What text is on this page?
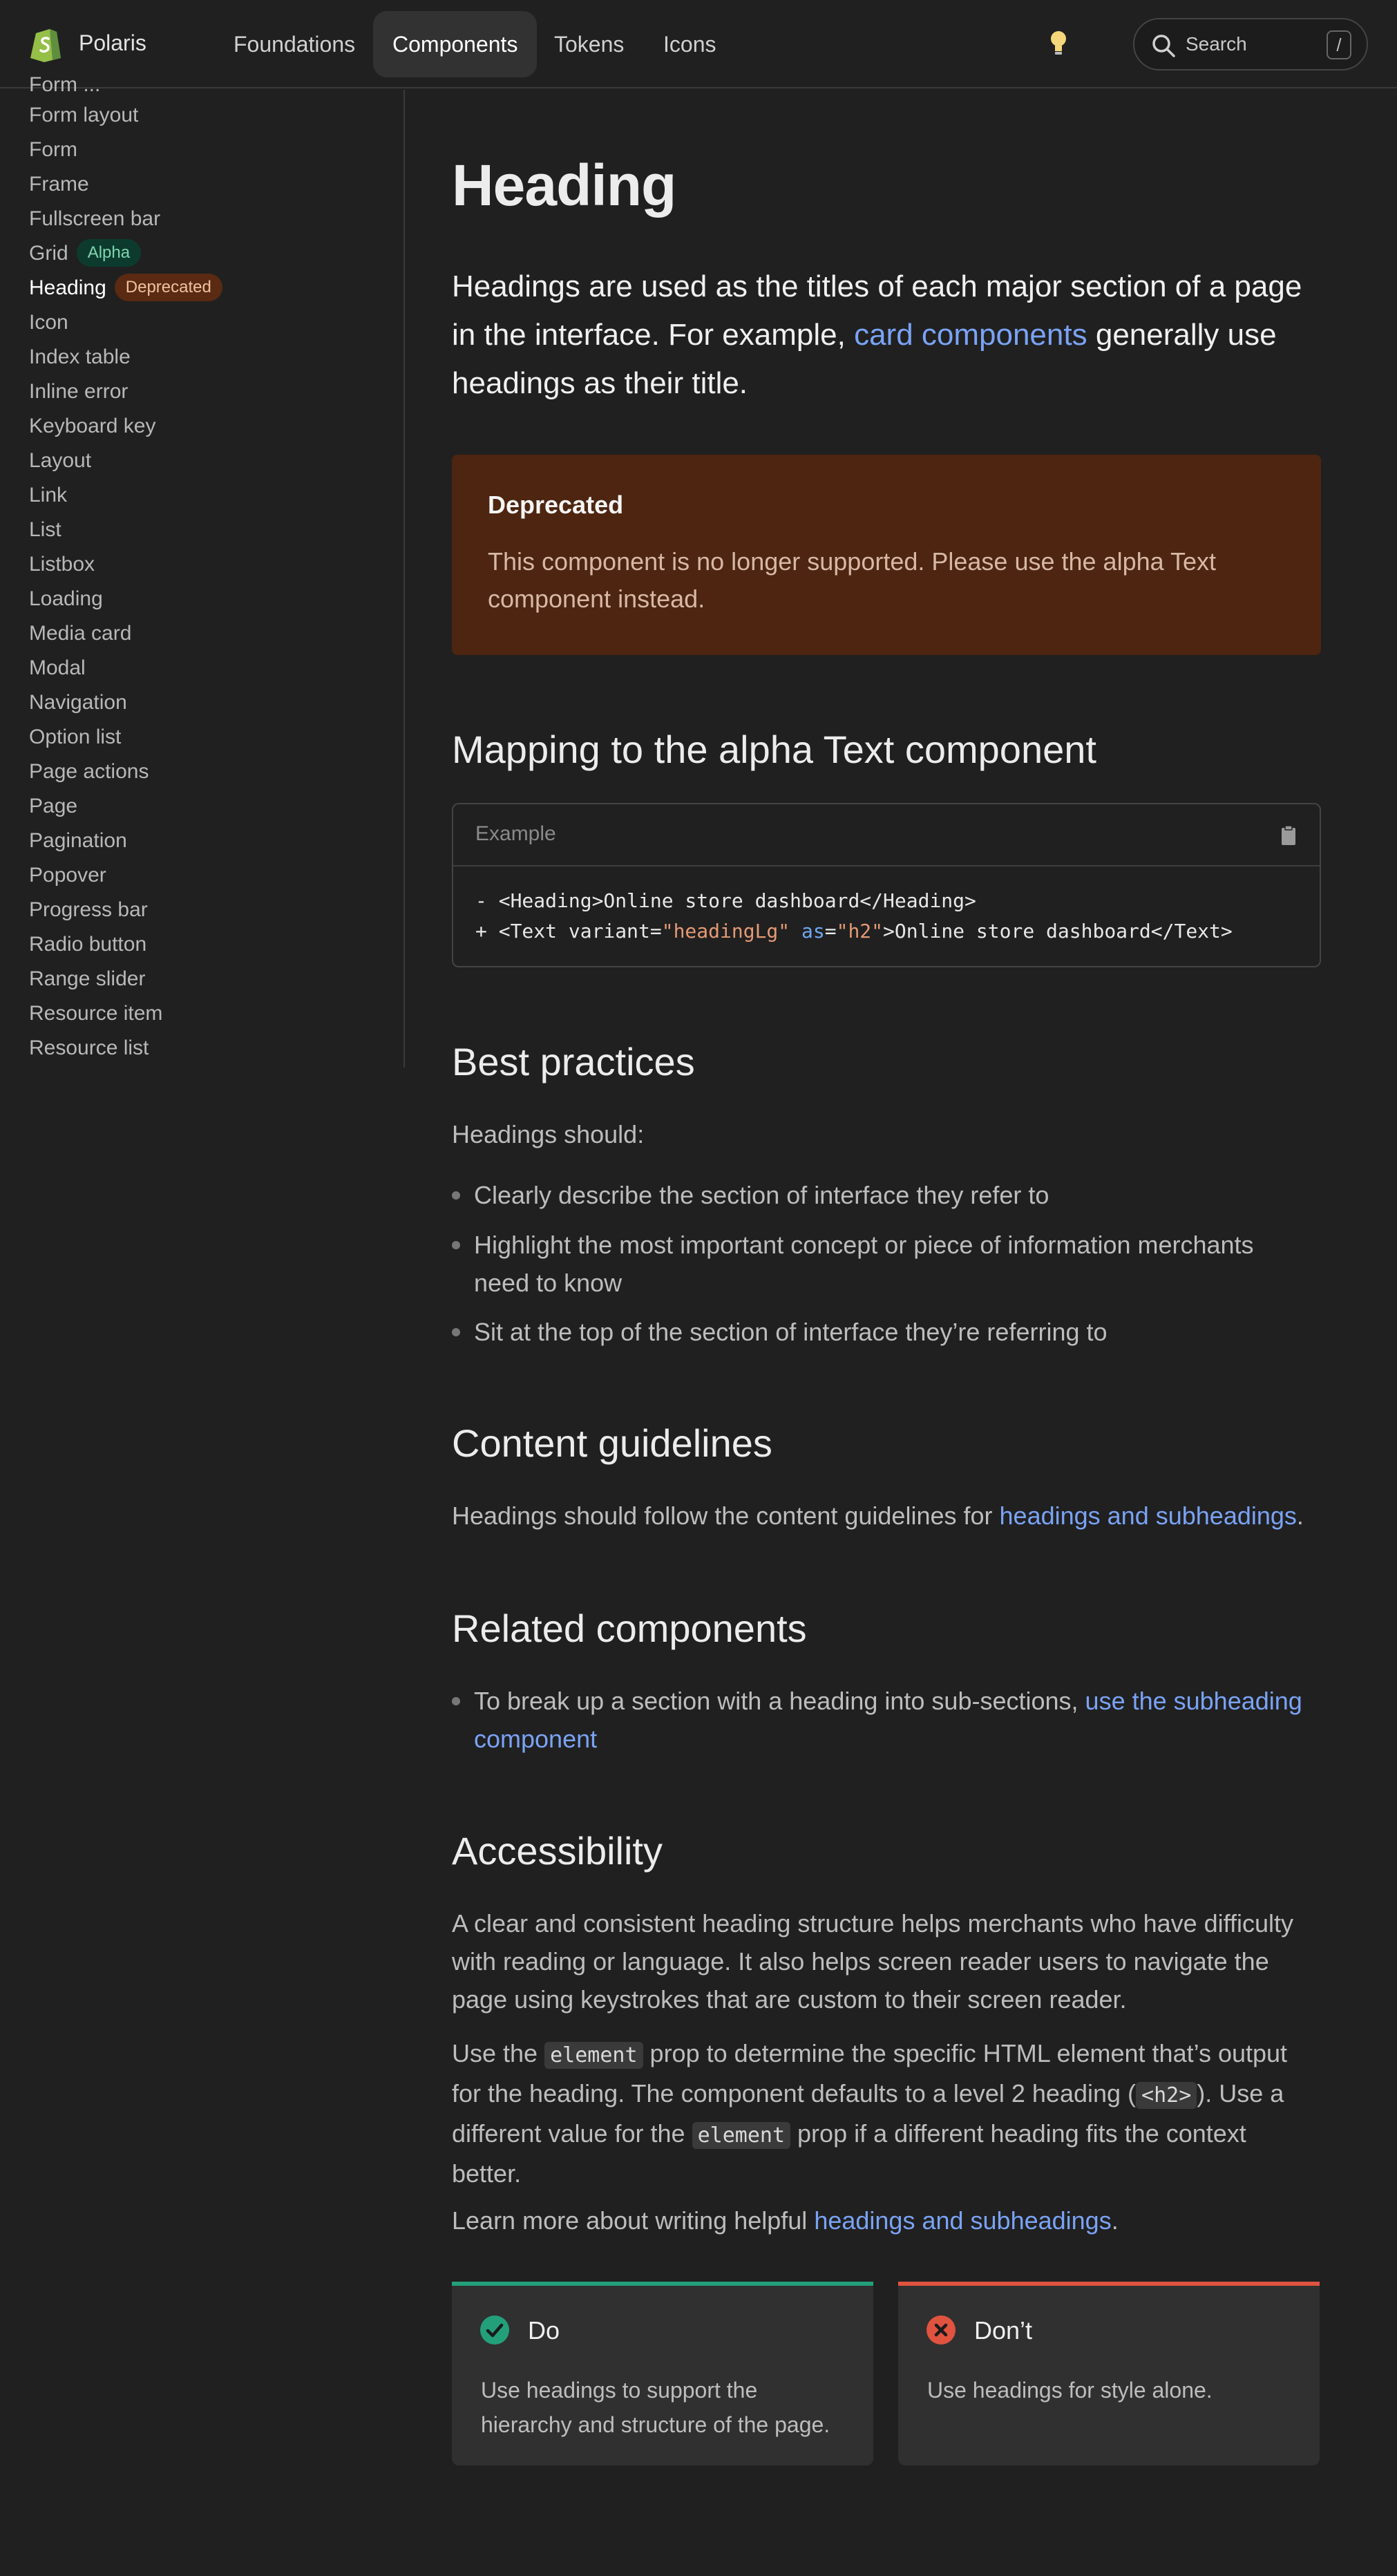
Polaris	Foundations	Components	Tokens	Icons	Search	/
Form ...
Form layout
Form
Frame
Fullscreen bar
Grid Alpha
Heading Deprecated
Icon
Index table
Inline error
Keyboard key
Layout
Link
List
Listbox
Loading
Media card
Modal
Navigation
Option list
Page actions
Page
Pagination
Popover
Progress bar
Radio button
Range slider
Resource item
Resource list
Heading
Headings are used as the titles of each major section of a page in the interface. For example, card components generally use headings as their title.
Deprecated
This component is no longer supported. Please use the alpha Text component instead.
Mapping to the alpha Text component
Example
- <Heading>Online store dashboard</Heading>
+ <Text variant="headingLg" as="h2">Online store dashboard</Text>
Best practices
Headings should:
Clearly describe the section of interface they refer to
Highlight the most important concept or piece of information merchants need to know
Sit at the top of the section of interface they’re referring to
Content guidelines
Headings should follow the content guidelines for headings and subheadings.
Related components
To break up a section with a heading into sub-sections, use the subheading component
Accessibility
A clear and consistent heading structure helps merchants who have difficulty with reading or language. It also helps screen reader users to navigate the page using keystrokes that are custom to their screen reader.
Use the element prop to determine the specific HTML element that’s output for the heading. The component defaults to a level 2 heading ( <h2> ). Use a different value for the element prop if a different heading fits the context better.
Learn more about writing helpful headings and subheadings.
Do
Use headings to support the hierarchy and structure of the page.
Don’t
Use headings for style alone.
